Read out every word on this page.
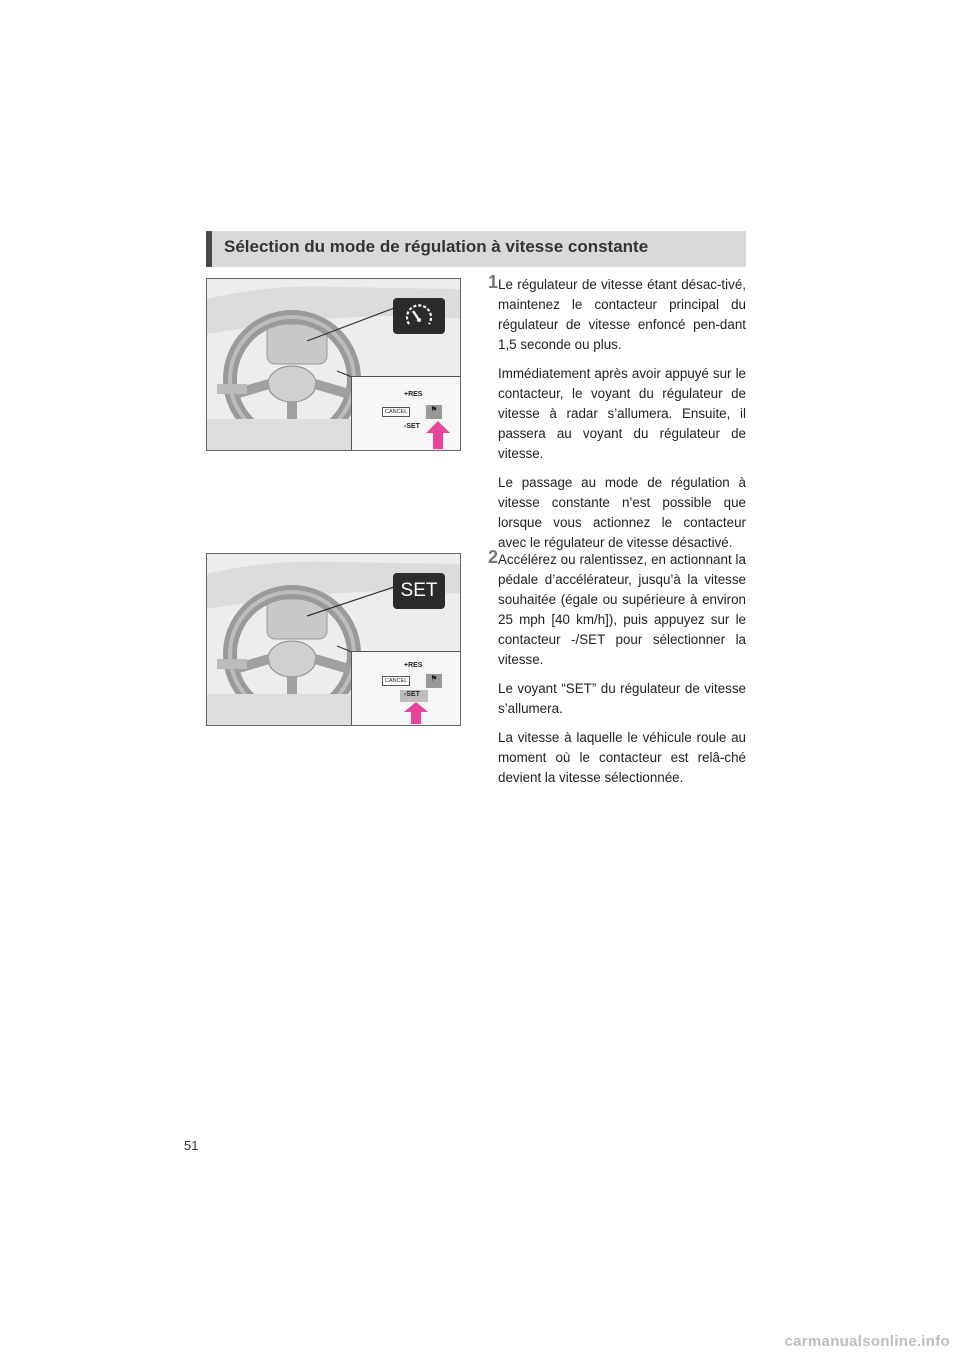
Sélection du mode de régulation à vitesse constante
+RES
CANCEL
-SET
⚑
1 Le régulateur de vitesse étant désac-tivé, maintenez le contacteur principal du régulateur de vitesse enfoncé pen-dant 1,5 seconde ou plus.

Immédiatement après avoir appuyé sur le contacteur, le voyant du régulateur de vitesse à radar s’allumera. Ensuite, il passera au voyant du régulateur de vitesse.

Le passage au mode de régulation à vitesse constante n’est possible que lorsque vous actionnez le contacteur avec le régulateur de vitesse désactivé.

SET
+RES
CANCEL
-SET
⚑
2 Accélérez ou ralentissez, en actionnant la pédale d’accélérateur, jusqu’à la vitesse souhaitée (égale ou supérieure à environ 25 mph [40 km/h]), puis appuyez sur le contacteur -/SET pour sélectionner la vitesse.

Le voyant “SET” du régulateur de vitesse s’allumera.

La vitesse à laquelle le véhicule roule au moment où le contacteur est relâ-ché devient la vitesse sélectionnée.

51
carmanualsonline.info
